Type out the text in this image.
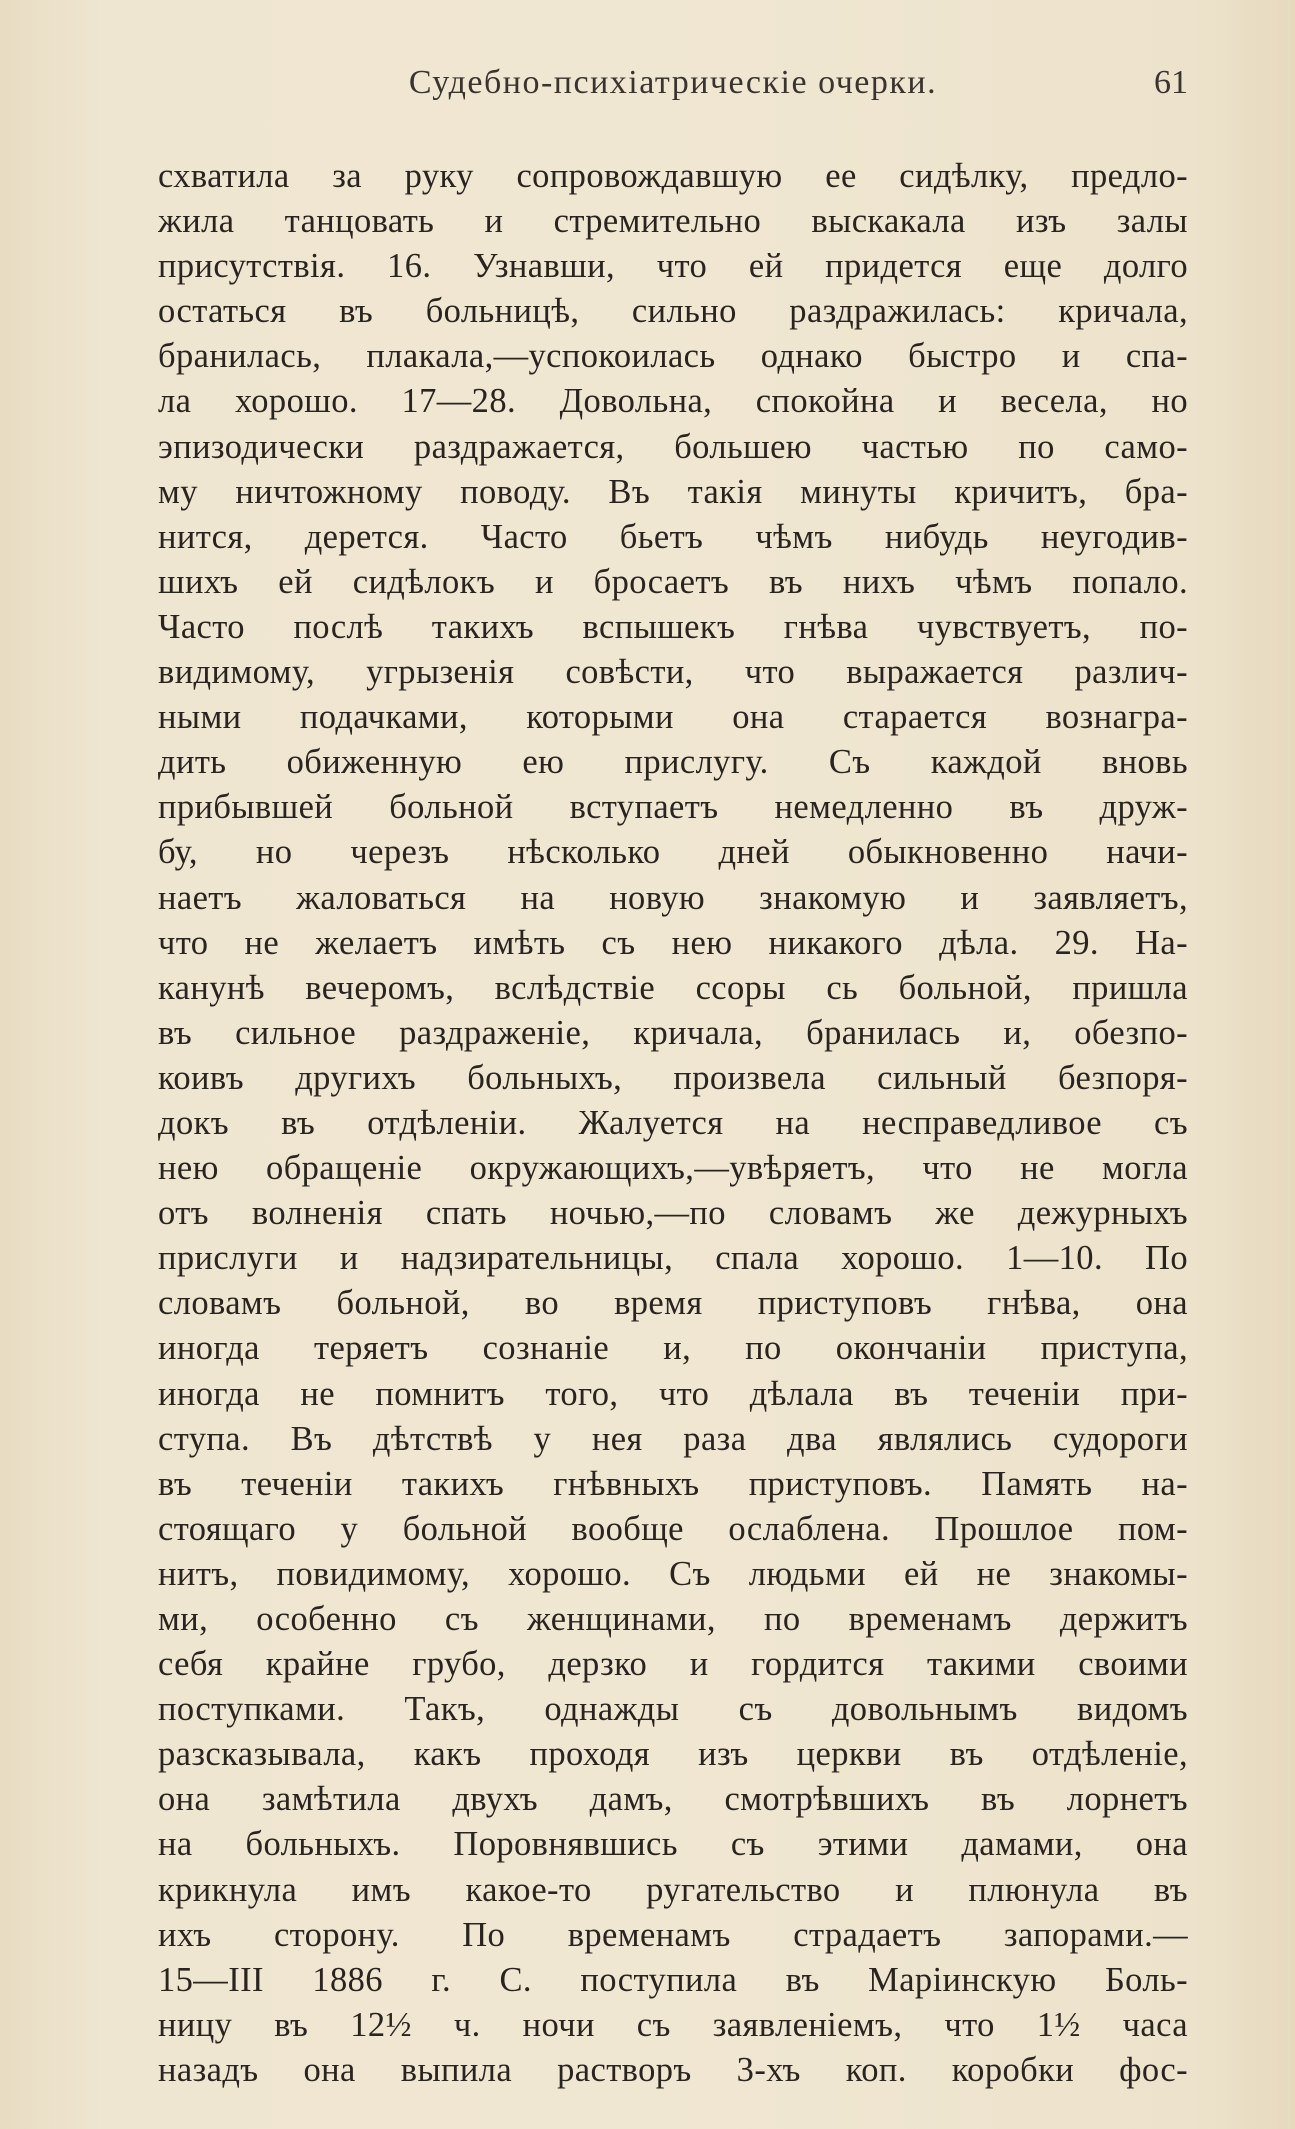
Судебно-психіатрическіе очерки.	61
схватила за руку сопровождавшую ее сидѣлку, предло-
жила танцовать и стремительно выскакала изъ залы
присутствія. 16. Узнавши, что ей придется еще долго
остаться въ больницѣ, сильно раздражилась: кричала,
бранилась, плакала,—успокоилась однако быстро и спа-
ла хорошо. 17—28. Довольна, спокойна и весела, но
эпизодически раздражается, большею частью по само-
му ничтожному поводу. Въ такія минуты кричитъ, бра-
нится, дерется. Часто бьетъ чѣмъ нибудь неугодив-
шихъ ей сидѣлокъ и бросаетъ въ нихъ чѣмъ попало.
Часто послѣ такихъ вспышекъ гнѣва чувствуетъ, по-
видимому, угрызенія совѣсти, что выражается различ-
ными подачками, которыми она старается вознагра-
дить обиженную ею прислугу. Съ каждой вновь
прибывшей больной вступаетъ немедленно въ друж-
бу, но черезъ нѣсколько дней обыкновенно начи-
наетъ жаловаться на новую знакомую и заявляетъ,
что не желаетъ имѣть съ нею никакого дѣла. 29. На-
канунѣ вечеромъ, вслѣдствіе ссоры сь больной, пришла
въ сильное раздраженіе, кричала, бранилась и, обезпо-
коивъ другихъ больныхъ, произвела сильный безпоря-
докъ въ отдѣленіи. Жалуется на несправедливое съ
нею обращеніе окружающихъ,—увѣряетъ, что не могла
отъ волненія спать ночью,—по словамъ же дежурныхъ
прислуги и надзирательницы, спала хорошо. 1—10. По
словамъ больной, во время приступовъ гнѣва, она
иногда теряетъ сознаніе и, по окончаніи приступа,
иногда не помнитъ того, что дѣлала въ теченіи при-
ступа. Въ дѣтствѣ у нея раза два являлись судороги
въ теченіи такихъ гнѣвныхъ приступовъ. Память на-
стоящаго у больной вообще ослаблена. Прошлое пом-
нитъ, повидимому, хорошо. Съ людьми ей не знакомы-
ми, особенно съ женщинами, по временамъ держитъ
себя крайне грубо, дерзко и гордится такими своими
поступками. Такъ, однажды съ довольнымъ видомъ
разсказывала, какъ проходя изъ церкви въ отдѣленіе,
она замѣтила двухъ дамъ, смотрѣвшихъ въ лорнетъ
на больныхъ. Поровнявшись съ этими дамами, она
крикнула имъ какое-то ругательство и плюнула въ
ихъ сторону. По временамъ страдаетъ запорами.—
15—III 1886 г. С. поступила въ Маріинскую Боль-
ницу въ 12½ ч. ночи съ заявленіемъ, что 1½ часа
назадъ она выпила растворъ 3-хъ коп. коробки фос-
